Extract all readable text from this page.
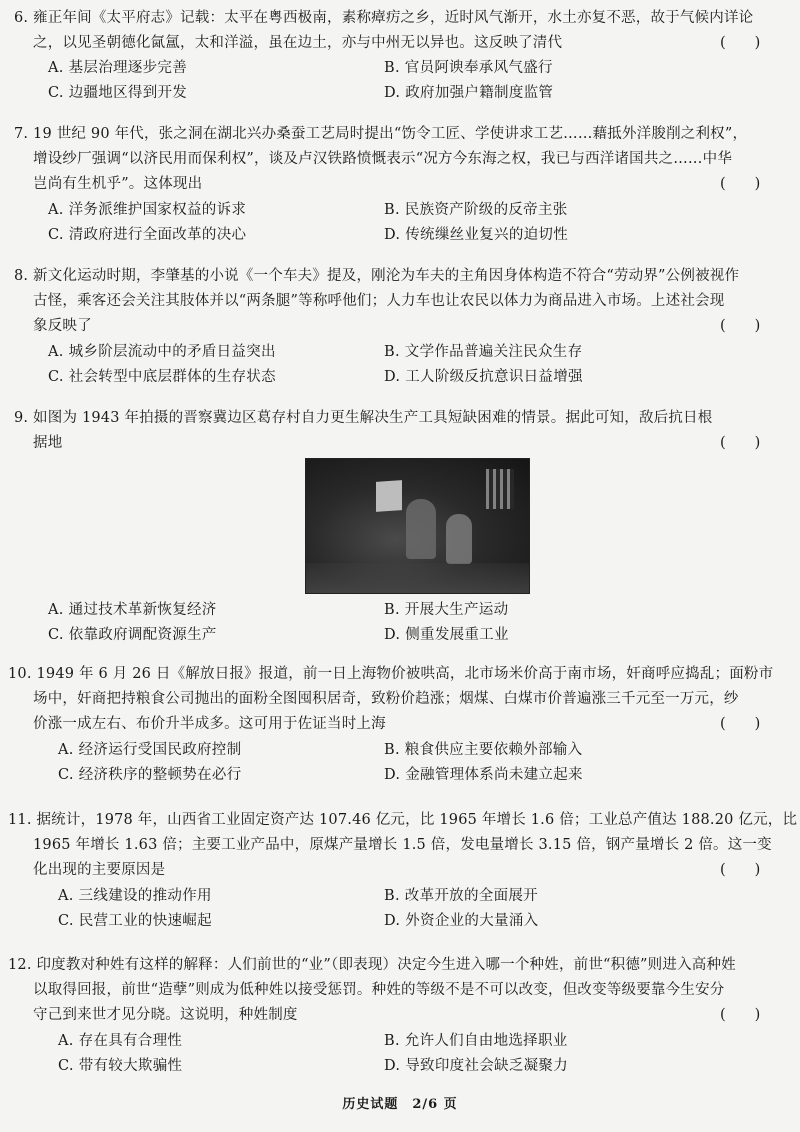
6. 雍正年间《太平府志》记载：太平在粤西极南，素称瘴疠之乡，近时风气渐开，水土亦复不恶，故于气候内详论
之，以见圣朝德化氤氲，太和洋溢，虽在边土，亦与中州无以异也。这反映了清代	(　　)
A. 基层治理逐步完善	B. 官员阿谀奉承风气盛行
C. 边疆地区得到开发	D. 政府加强户籍制度监管
7. 19 世纪 90 年代，张之洞在湖北兴办桑蚕工艺局时提出“饬令工匠、学使讲求工艺……藉抵外洋朘削之利权”，
增设纱厂强调“以济民用而保利权”，谈及卢汉铁路愤慨表示“况方今东海之权，我已与西洋诸国共之……中华
岂尚有生机乎”。这体现出	(　　)
A. 洋务派维护国家权益的诉求	B. 民族资产阶级的反帝主张
C. 清政府进行全面改革的决心	D. 传统缫丝业复兴的迫切性
8. 新文化运动时期，李肇基的小说《一个车夫》提及，刚沦为车夫的主角因身体构造不符合“劳动界”公例被视作
古怪，乘客还会关注其肢体并以“两条腿”等称呼他们；人力车也让农民以体力为商品进入市场。上述社会现
象反映了	(　　)
A. 城乡阶层流动中的矛盾日益突出	B. 文学作品普遍关注民众生存
C. 社会转型中底层群体的生存状态	D. 工人阶级反抗意识日益增强
9. 如图为 1943 年拍摄的晋察冀边区葛存村自力更生解决生产工具短缺困难的情景。据此可知，敌后抗日根
据地	(　　)
A. 通过技术革新恢复经济	B. 开展大生产运动
C. 依靠政府调配资源生产	D. 侧重发展重工业
10. 1949 年 6 月 26 日《解放日报》报道，前一日上海物价被哄高，北市场米价高于南市场，奸商呼应捣乱；面粉市
场中，奸商把持粮食公司抛出的面粉全图囤积居奇，致粉价趋涨；烟煤、白煤市价普遍涨三千元至一万元，纱
价涨一成左右、布价升半成多。这可用于佐证当时上海	(　　)
A. 经济运行受国民政府控制	B. 粮食供应主要依赖外部输入
C. 经济秩序的整顿势在必行	D. 金融管理体系尚未建立起来
11. 据统计，1978 年，山西省工业固定资产达 107.46 亿元，比 1965 年增长 1.6 倍；工业总产值达 188.20 亿元，比
1965 年增长 1.63 倍；主要工业产品中，原煤产量增长 1.5 倍，发电量增长 3.15 倍，钢产量增长 2 倍。这一变
化出现的主要原因是	(　　)
A. 三线建设的推动作用	B. 改革开放的全面展开
C. 民营工业的快速崛起	D. 外资企业的大量涌入
12. 印度教对种姓有这样的解释：人们前世的“业”（即表现）决定今生进入哪一个种姓，前世“积德”则进入高种姓
以取得回报，前世“造孽”则成为低种姓以接受惩罚。种姓的等级不是不可以改变，但改变等级要靠今生安分
守己到来世才见分晓。这说明，种姓制度	(　　)
A. 存在具有合理性	B. 允许人们自由地选择职业
C. 带有较大欺骗性	D. 导致印度社会缺乏凝聚力
历史试题　2/6 页
